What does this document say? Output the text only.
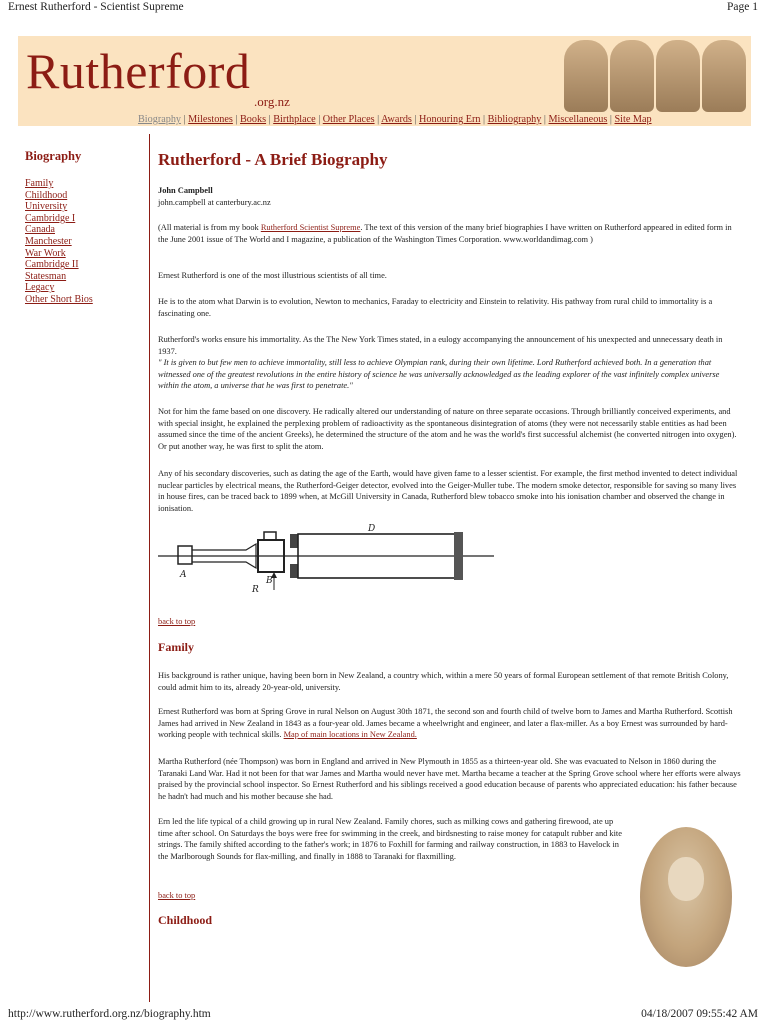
Ernest Rutherford - Scientist Supreme	Page 1
Rutherford
.org.nz
Biography | Milestones | Books | Birthplace | Other Places | Awards | Honouring Ern | Bibliography | Miscellaneous | Site Map
Biography
Family
Childhood
University
Cambridge I
Canada
Manchester
War Work
Cambridge II
Statesman
Legacy
Other Short Bios
Rutherford - A Brief Biography

John Campbell

john.campbell at canterbury.ac.nz

(All material is from my book Rutherford Scientist Supreme. The text of this version of the many brief biographies I have written on Rutherford appeared in edited form in the June 2001 issue of The World and I magazine, a publication of the Washington Times Corporation. www.worldandimag.com )

Ernest Rutherford is one of the most illustrious scientists of all time.

He is to the atom what Darwin is to evolution, Newton to mechanics, Faraday to electricity and Einstein to relativity. His pathway from rural child to immortality is a fascinating one.

Rutherford's works ensure his immortality. As the The New York Times stated, in a eulogy accompanying the announcement of his unexpected and unnecessary death in 1937.

" It is given to but few men to achieve immortality, still less to achieve Olympian rank, during their own lifetime. Lord Rutherford achieved both. In a generation that witnessed one of the greatest revolutions in the entire history of science he was universally acknowledged as the leading explorer of the vast infinitely complex universe within the atom, a universe that he was first to penetrate."

Not for him the fame based on one discovery. He radically altered our understanding of nature on three separate occasions. Through brilliantly conceived experiments, and with special insight, he explained the perplexing problem of radioactivity as the spontaneous disintegration of atoms (they were not necessarily stable entities as had been assumed since the time of the ancient Greeks), he determined the structure of the atom and he was the world's first successful alchemist (he converted nitrogen into oxygen). Or put another way, he was first to split the atom.

Any of his secondary discoveries, such as dating the age of the Earth, would have given fame to a lesser scientist. For example, the first method invented to detect individual nuclear particles by electrical means, the Rutherford-Geiger detector, evolved into the Geiger-Muller tube. The modern smoke detector, responsible for saving so many lives in house fires, can be traced back to 1899 when, at McGill University in Canada, Rutherford blew tobacco smoke into his ionisation chamber and observed the change in ionisation.

A
B
D
R
back to top
Family

His background is rather unique, having been born in New Zealand, a country which, within a mere 50 years of formal European settlement of that remote British Colony, could admit him to its, already 20-year-old, university.

Ernest Rutherford was born at Spring Grove in rural Nelson on August 30th 1871, the second son and fourth child of twelve born to James and Martha Rutherford. Scottish James had arrived in New Zealand in 1843 as a four-year old. James became a wheelwright and engineer, and later a flax-miller. As a boy Ernest was surrounded by hard-working people with technical skills. Map of main locations in New Zealand.

Martha Rutherford (née Thompson) was born in England and arrived in New Plymouth in 1855 as a thirteen-year old. She was evacuated to Nelson in 1860 during the Taranaki Land War. Had it not been for that war James and Martha would never have met. Martha became a teacher at the Spring Grove school where her efforts were always praised by the provincial school inspector. So Ernest Rutherford and his siblings received a good education because of parents who appreciated education: his father because he hadn't had much and his mother because she had.

Ern led the life typical of a child growing up in rural New Zealand. Family chores, such as milking cows and gathering firewood, ate up time after school. On Saturdays the boys were free for swimming in the creek, and birdsnesting to raise money for catapult rubber and kite strings. The family shifted according to the father's work; in 1876 to Foxhill for farming and railway construction, in 1883 to Havelock in the Marlborough Sounds for flax-milling, and finally in 1888 to Taranaki for flaxmilling.

back to top
Childhood
http://www.rutherford.org.nz/biography.htm	04/18/2007 09:55:42 AM
